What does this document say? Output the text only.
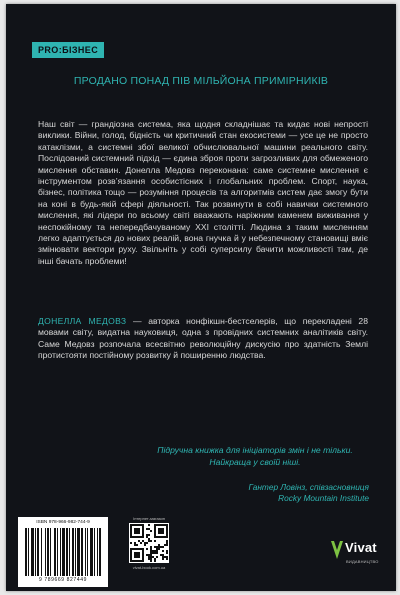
PRO:БІЗНЕС
ПРОДАНО ПОНАД ПІВ МІЛЬЙОНА ПРИМІРНИКІВ

Наш світ — грандіозна система, яка щодня складнішає та кидає нові непрості виклики. Війни, голод, бідність чи критичний стан екосистеми — усе це не просто катаклізми, а системні збої великої обчислювальної машини реального світу. Послідовний системний підхід — єдина зброя проти загрозливих для обмеженого мислення обставин. Донелла Медовз переконана: саме системне мислення є інструментом розв’язання особистісних і глобальних проблем. Спорт, наука, бізнес, політика тощо — розуміння процесів та алгоритмів систем дає змогу бути на коні в будь-якій сфері діяльності. Так розвинути в собі навички системного мислення, які лідери по всьому світі вважають наріжним каменем виживання у неспокійному та непередбачуваному XXI столітті. Людина з таким мисленням легко адаптується до нових реалій, вона гнучка й у небезпечному становищі вміє змінювати вектори руху. Звільніть у собі суперсилу бачити можливості там, де інші бачать проблеми!

ДОНЕЛЛА МЕДОВЗ — авторка нонфікшн-бестселерів, що перекладені 28 мовами світу, видатна науковиця, одна з провідних системних аналітиків світу. Саме Медовз розпочала всесвітню революційну дискусію про здатність Землі протистояти постійному розвитку й поширенню людства.

Підручна книжка для ініціаторів змін і не тільки. Найкраща у своїй ніші.
Гантер Ловінз, співзасновниця
Rocky Mountain Institute
ISBN 978-966-982-744-9
9 789669 827449
Інтернет-магазин
vivat-book.com.ua
Vivat
ВИДАВНИЦТВО
